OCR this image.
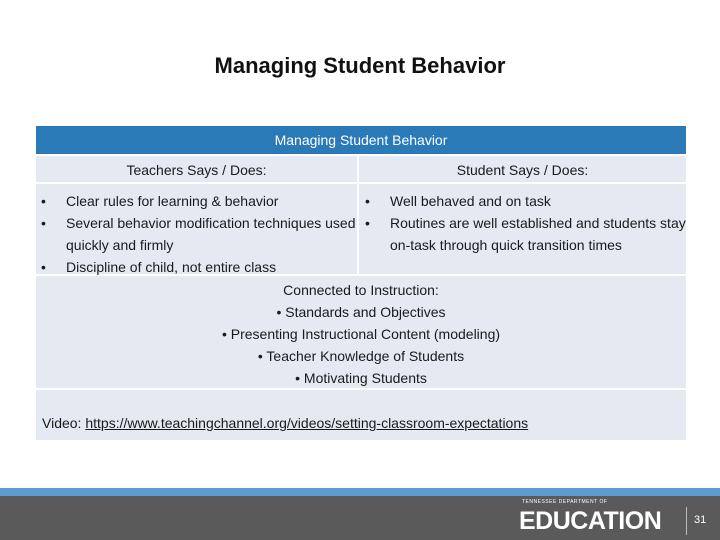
Managing Student Behavior
Managing Student Behavior
Teachers Says / Does:	Student Says / Does:
• Clear rules for learning & behavior
• Several behavior modification techniques used quickly and firmly
• Discipline of child, not entire class
• Well behaved and on task
• Routines are well established and students stay on-task through quick transition times
Connected to Instruction:
• Standards and Objectives
• Presenting Instructional Content (modeling)
• Teacher Knowledge of Students
• Motivating Students
Video: https://www.teachingchannel.org/videos/setting-classroom-expectations
TENNESSEE DEPARTMENT OF
EDUCATION	31
